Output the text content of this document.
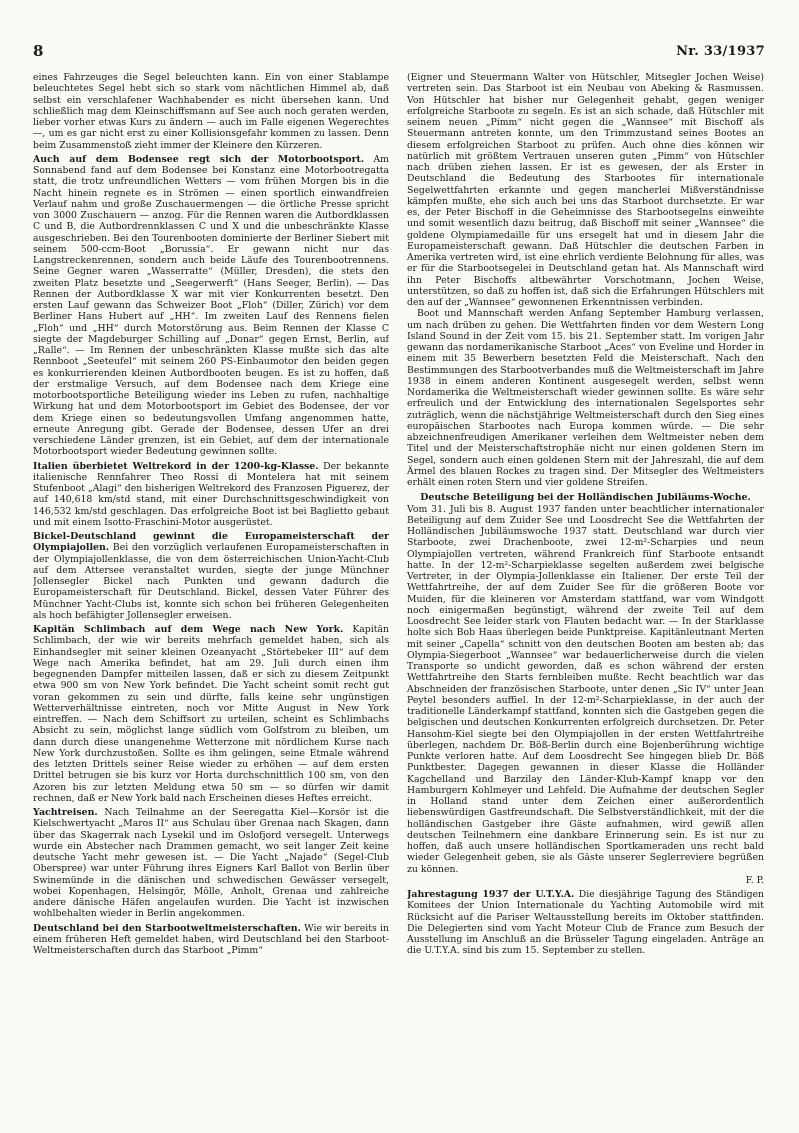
8	Nr. 33/1937

eines Fahrzeuges die Segel beleuchten kann. Ein von einer Stablampe beleuchtetes Segel hebt sich so stark vom nächtlichen Himmel ab, daß selbst ein verschlafener Wachhabender es nicht übersehen kann. Und schließlich mag dem Kleinschiffsmann auf See auch noch geraten werden, lieber vorher etwas Kurs zu ändern — auch im Falle eigenen Wegerechtes —, um es gar nicht erst zu einer Kollisionsgefahr kommen zu lassen. Denn beim Zusammenstoß zieht immer der Kleinere den Kürzeren.

Auch auf dem Bodensee regt sich der Motorbootsport. Am Sonnabend fand auf dem Bodensee bei Konstanz eine Motorbootregatta statt, die trotz unfreundlichen Wetters — vom frühen Morgen bis in die Nacht hinein regnete es in Strömen — einen sportlich einwandfreien Verlauf nahm und große Zuschauermengen — die örtliche Presse spricht von 3000 Zuschauern — anzog. Für die Rennen waren die Autbordklassen C und B, die Autbordrennklassen C und X und die unbeschränkte Klasse ausgeschrieben. Bei den Tourenbooten dominierte der Berliner Siebert mit seinem 500-ccm-Boot „Borussia“. Er gewann nicht nur das Langstreckenrennen, sondern auch beide Läufe des Tourenbootrennens. Seine Gegner waren „Wasserratte“ (Müller, Dresden), die stets den zweiten Platz besetzte und „Seegerwerft“ (Hans Seeger, Berlin). — Das Rennen der Autbordklasse X war mit vier Konkurrenten besetzt. Den ersten Lauf gewann das Schweizer Boot „Floh“ (Diller, Zürich) vor dem Berliner Hans Hubert auf „HH“. Im zweiten Lauf des Rennens fielen „Floh“ und „HH“ durch Motorstörung aus. Beim Rennen der Klasse C siegte der Magdeburger Schilling auf „Donar“ gegen Ernst, Berlin, auf „Ralle“. — Im Rennen der unbeschränkten Klasse mußte sich das alte Rennboot „Seeteufel“ mit seinem 260 PS-Einbaumotor den beiden gegen es konkurrierenden kleinen Autbordbooten beugen. Es ist zu hoffen, daß der erstmalige Versuch, auf dem Bodensee nach dem Kriege eine motorbootsportliche Beteiligung wieder ins Leben zu rufen, nachhaltige Wirkung hat und dem Motorbootsport im Gebiet des Bodensee, der vor dem Kriege einen so bedeutungsvollen Umfang angenommen hatte, erneute Anregung gibt. Gerade der Bodensee, dessen Ufer an drei verschiedene Länder grenzen, ist ein Gebiet, auf dem der internationale Motorbootsport wieder Bedeutung gewinnen sollte.

Italien überbietet Weltrekord in der 1200-kg-Klasse. Der bekannte italienische Rennfahrer Theo Rossi di Montelera hat mit seinem Stufenboot „Alagi“ den bisherigen Weltrekord des Franzosen Piguerez, der auf 140,618 km/std stand, mit einer Durchschnittsgeschwindigkeit von 146,532 km/std geschlagen. Das erfolgreiche Boot ist bei Baglietto gebaut und mit einem Isotto-Fraschini-Motor ausgerüstet.

Bickel-Deutschland gewinnt die Europameisterschaft der Olympiajollen. Bei den vorzüglich verlaufenen Europameisterschaften in der Olympiajollenklasse, die von dem österreichischen Union-Yacht-Club auf dem Attersee veranstaltet wurden, siegte der junge Münchner Jollensegler Bickel nach Punkten und gewann dadurch die Europameisterschaft für Deutschland. Bickel, dessen Vater Führer des Münchner Yacht-Clubs ist, konnte sich schon bei früheren Gelegenheiten als hoch befähigter Jollensegler erweisen.

Kapitän Schlimbach auf dem Wege nach New York. Kapitän Schlimbach, der wie wir bereits mehrfach gemeldet haben, sich als Einhandsegler mit seiner kleinen Ozeanyacht „Störtebeker III“ auf dem Wege nach Amerika befindet, hat am 29. Juli durch einen ihm begegnenden Dampfer mitteilen lassen, daß er sich zu diesem Zeitpunkt etwa 900 sm von New York befindet. Die Yacht scheint somit recht gut voran gekommen zu sein und dürfte, falls keine sehr ungünstigen Wetterverhältnisse eintreten, noch vor Mitte August in New York eintreffen. — Nach dem Schiffsort zu urteilen, scheint es Schlimbachs Absicht zu sein, möglichst lange südlich vom Golfstrom zu bleiben, um dann durch diese unangenehme Wetterzone mit nördlichem Kurse nach New York durchzustoßen. Sollte es ihm gelingen, seine Etmale während des letzten Drittels seiner Reise wieder zu erhöhen — auf dem ersten Drittel betrugen sie bis kurz vor Horta durchschnittlich 100 sm, von den Azoren bis zur letzten Meldung etwa 50 sm — so dürfen wir damit rechnen, daß er New York bald nach Erscheinen dieses Heftes erreicht.

Yachtreisen. Nach Teilnahme an der Seeregatta Kiel—Korsör ist die Kielschwertyacht „Maros II“ aus Schulau über Grenaa nach Skagen, dann über das Skagerrak nach Lysekil und im Oslofjord versegelt. Unterwegs wurde ein Abstecher nach Drammen gemacht, wo seit langer Zeit keine deutsche Yacht mehr gewesen ist. — Die Yacht „Najade“ (Segel-Club Oberspree) war unter Führung ihres Eigners Karl Ballot von Berlin über Swinemünde in die dänischen und schwedischen Gewässer versegelt, wobei Kopenhagen, Helsingör, Mölle, Anholt, Grenaa und zahlreiche andere dänische Häfen angelaufen wurden. Die Yacht ist inzwischen wohlbehalten wieder in Berlin angekommen.

Deutschland bei den Starbootweltmeisterschaften. Wie wir bereits in einem früheren Heft gemeldet haben, wird Deutschland bei den Starboot-Weltmeisterschaften durch das Starboot „Pimm“

(Eigner und Steuermann Walter von Hütschler, Mitsegler Jochen Weise) vertreten sein. Das Starboot ist ein Neubau von Abeking & Rasmussen. Von Hütschler hat bisher nur Gelegenheit gehabt, gegen weniger erfolgreiche Starboote zu segeln. Es ist an sich schade, daß Hütschler mit seinem neuen „Pimm“ nicht gegen die „Wannsee“ mit Bischoff als Steuermann antreten konnte, um den Trimmzustand seines Bootes an diesem erfolgreichen Starboot zu prüfen. Auch ohne dies können wir natürlich mit größtem Vertrauen unseren guten „Pimm“ von Hütschler nach drüben ziehen lassen. Er ist es gewesen, der als Erster in Deutschland die Bedeutung des Starbootes für internationale Segelwettfahrten erkannte und gegen mancherlei Mißverständnisse kämpfen mußte, ehe sich auch bei uns das Starboot durchsetzte. Er war es, der Peter Bischoff in die Geheimnisse des Starbootsegelns einweihte und somit wesentlich dazu beitrug, daß Bischoff mit seiner „Wannsee“ die goldene Olympiamedaille für uns ersegelt hat und in diesem Jahr die Europameisterschaft gewann. Daß Hütschler die deutschen Farben in Amerika vertreten wird, ist eine ehrlich verdiente Belohnung für alles, was er für die Starbootsegelei in Deutschland getan hat. Als Mannschaft wird ihn Peter Bischoffs altbewährter Vorschotmann, Jochen Weise, unterstützen, so daß zu hoffen ist, daß sich die Erfahrungen Hütschlers mit den auf der „Wannsee“ gewonnenen Erkenntnissen verbinden.

Boot und Mannschaft werden Anfang September Hamburg verlassen, um nach drüben zu gehen. Die Wettfahrten finden vor dem Western Long Island Sound in der Zeit vom 15. bis 21. September statt. Im vorigen Jahr gewann das nordamerikanische Starboot „Aces“ von Eveline und Horder in einem mit 35 Bewerbern besetzten Feld die Meisterschaft. Nach den Bestimmungen des Starbootverbandes muß die Weltmeisterschaft im Jahre 1938 in einem anderen Kontinent ausgesegelt werden, selbst wenn Nordamerika die Weltmeisterschaft wieder gewinnen sollte. Es wäre sehr erfreulich und der Entwicklung des internationalen Segelsportes sehr zuträglich, wenn die nächstjährige Weltmeisterschaft durch den Sieg eines europäischen Starbootes nach Europa kommen würde. — Die sehr abzeichnenfreudigen Amerikaner verleihen dem Weltmeister neben dem Titel und der Meisterschaftstrophäe nicht nur einen goldenen Stern im Segel, sondern auch einen goldenen Stern mit der Jahreszahl, die auf dem Ärmel des blauen Rockes zu tragen sind. Der Mitsegler des Weltmeisters erhält einen roten Stern und vier goldene Streifen.

Deutsche Beteiligung bei der Holländischen Jubiläums-Woche.

Vom 31. Juli bis 8. August 1937 fanden unter beachtlicher internationaler Beteiligung auf dem Zuider See und Loosdrecht See die Wettfahrten der Holländischen Jubiläumswoche 1937 statt. Deutschland war durch vier Starboote, zwei Drachenboote, zwei 12-m²-Scharpies und neun Olympiajollen vertreten, während Frankreich fünf Starboote entsandt hatte. In der 12-m²-Scharpieklasse segelten außerdem zwei belgische Vertreter, in der Olympia-Jollenklasse ein Italiener. Der erste Teil der Wettfahrtreihe, der auf dem Zuider See für die größeren Boote vor Muiden, für die kleineren vor Amsterdam stattfand, war vom Windgott noch einigermaßen begünstigt, während der zweite Teil auf dem Loosdrecht See leider stark von Flauten bedacht war. — In der Starklasse holte sich Bob Haas überlegen beide Punktpreise. Kapitänleutnant Merten mit seiner „Capella“ schnitt von den deutschen Booten am besten ab; das Olympia-Siegerboot „Wannsee“ war bedauerlicherweise durch die vielen Transporte so undicht geworden, daß es schon während der ersten Wettfahrtreihe den Starts fernbleiben mußte. Recht beachtlich war das Abschneiden der französischen Starboote, unter denen „Sic IV“ unter Jean Peytel besonders auffiel. In der 12-m²-Scharpieklasse, in der auch der traditionelle Länderkampf stattfand, konnten sich die Gastgeben gegen die belgischen und deutschen Konkurrenten erfolgreich durchsetzen. Dr. Peter Hansohm-Kiel siegte bei den Olympiajollen in der ersten Wettfahrtreihe überlegen, nachdem Dr. Böß-Berlin durch eine Bojenberührung wichtige Punkte verloren hatte. Auf dem Loosdrecht See hingegen blieb Dr. Böß Punktbester. Dagegen gewannen in dieser Klasse die Holländer Kagchelland und Barzilay den Länder-Klub-Kampf knapp vor den Hamburgern Kohlmeyer und Lehfeld. Die Aufnahme der deutschen Segler in Holland stand unter dem Zeichen einer außerordentlich liebenswürdigen Gastfreundschaft. Die Selbstverständlichkeit, mit der die holländischen Gastgeber ihre Gäste aufnahmen, wird gewiß allen deutschen Teilnehmern eine dankbare Erinnerung sein. Es ist nur zu hoffen, daß auch unsere holländischen Sportkameraden uns recht bald wieder Gelegenheit geben, sie als Gäste unserer Seglerreviere begrüßen zu können.

F. P.

Jahrestagung 1937 der U.T.Y.A. Die diesjährige Tagung des Ständigen Komitees der Union Internationale du Yachting Automobile wird mit Rücksicht auf die Pariser Weltausstellung bereits im Oktober stattfinden. Die Delegierten sind vom Yacht Moteur Club de France zum Besuch der Ausstellung im Anschluß an die Brüsseler Tagung eingeladen. Anträge an die U.T.Y.A. sind bis zum 15. September zu stellen.
